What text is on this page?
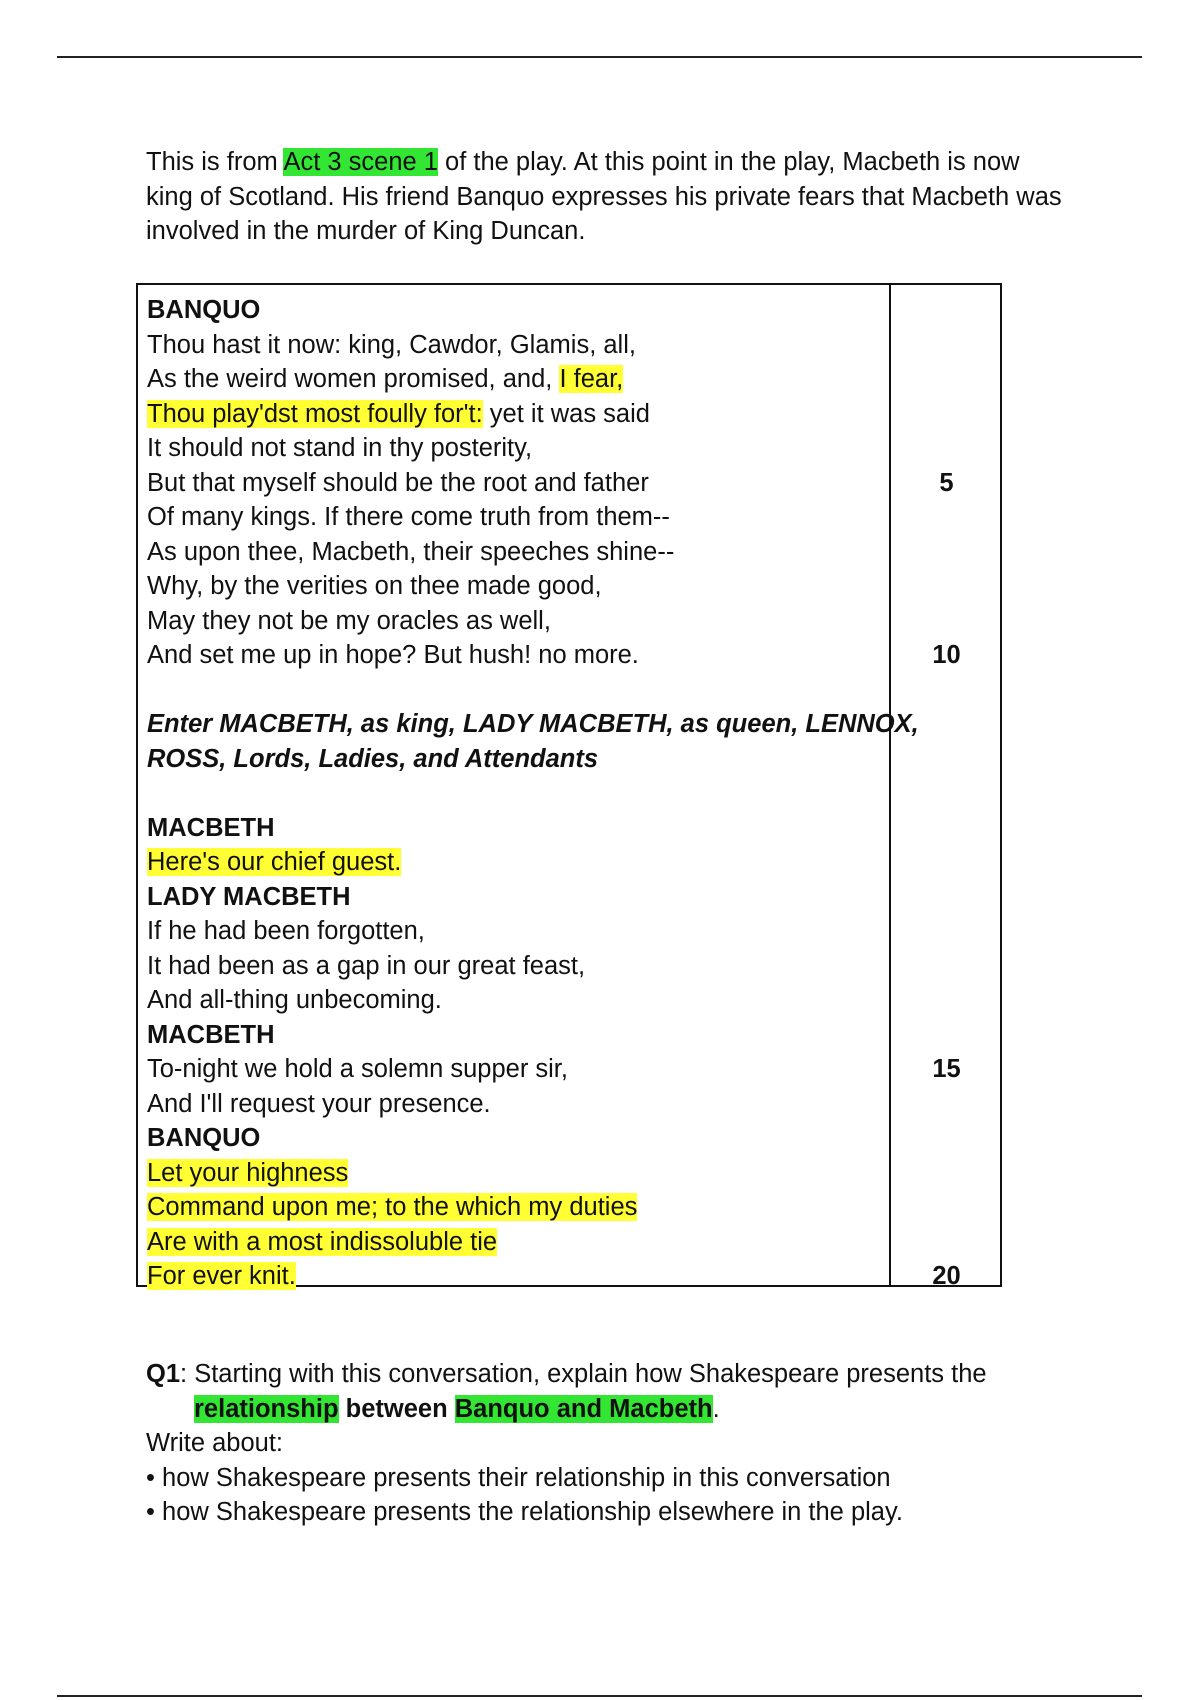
This is from Act 3 scene 1 of the play. At this point in the play, Macbeth is now king of Scotland. His friend Banquo expresses his private fears that Macbeth was involved in the murder of King Duncan.

BANQUO
Thou hast it now: king, Cawdor, Glamis, all,
As the weird women promised, and, I fear,
Thou play'dst most foully for't: yet it was said
It should not stand in thy posterity,
But that myself should be the root and father	5
Of many kings. If there come truth from them--
As upon thee, Macbeth, their speeches shine--
Why, by the verities on thee made good,
May they not be my oracles as well,
And set me up in hope? But hush! no more.	10
Enter MACBETH, as king, LADY MACBETH, as queen, LENNOX,
ROSS, Lords, Ladies, and Attendants
MACBETH
Here's our chief guest.
LADY MACBETH
If he had been forgotten,
It had been as a gap in our great feast,
And all-thing unbecoming.
MACBETH
To-night we hold a solemn supper sir,	15
And I'll request your presence.
BANQUO
Let your highness
Command upon me; to the which my duties
Are with a most indissoluble tie
For ever knit.	20

Q1: Starting with this conversation, explain how Shakespeare presents the

relationship between Banquo and Macbeth.

Write about:

• how Shakespeare presents their relationship in this conversation
• how Shakespeare presents the relationship elsewhere in the play.
